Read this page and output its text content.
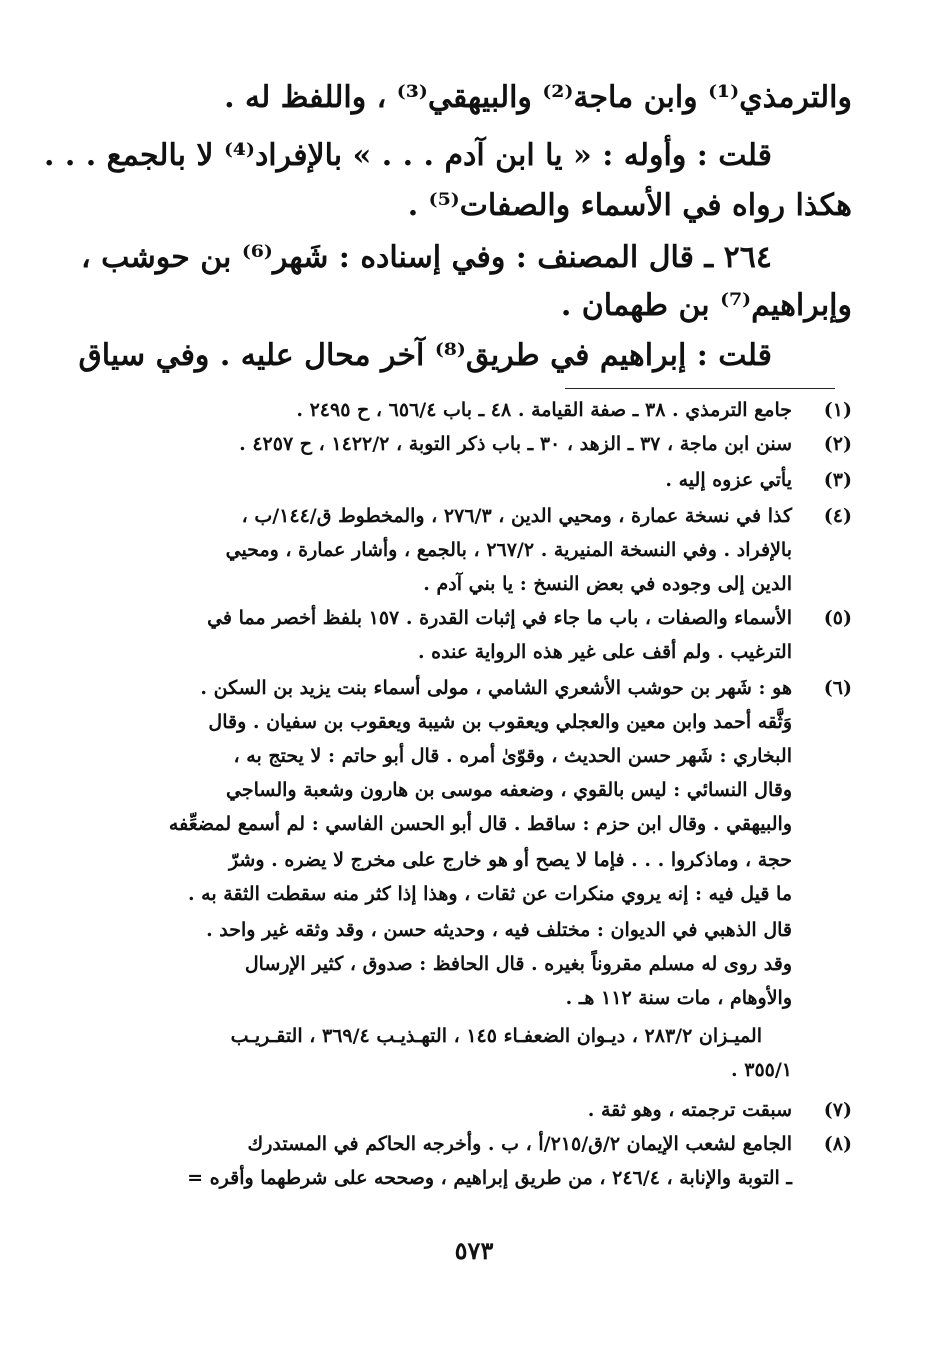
والترمذي⁽¹⁾ وابن ماجة⁽²⁾ والبيهقي⁽³⁾ ، واللفظ له .
قلت : وأوله : « يا ابن آدم . . . » بالإفراد⁽⁴⁾ لا بالجمع . . .
هكذا رواه في الأسماء والصفات⁽⁵⁾ .
٢٦٤ ـ قال المصنف : وفي إسناده : شَهر⁽⁶⁾ بن حوشب ،
وإبراهيم⁽⁷⁾ بن طهمان .
قلت : إبراهيم في طريق⁽⁸⁾ آخر محال عليه . وفي سياق
(١)
جامع الترمذي . ٣٨ ـ صفة القيامة . ٤٨ ـ باب ٦٥٦/٤ ، ح ٢٤٩٥ .
(٢)
سنن ابن ماجة ، ٣٧ ـ الزهد ، ٣٠ ـ باب ذكر التوبة ، ١٤٢٢/٢ ، ح ٤٢٥٧ .
(٣)
يأتي عزوه إليه .
(٤)
كذا في نسخة عمارة ، ومحيي الدين ، ٢٧٦/٣ ، والمخطوط ق/١٤٤/ب ،
بالإفراد . وفي النسخة المنيرية . ٢٦٧/٢ ، بالجمع ، وأشار عمارة ، ومحيي
الدين إلى وجوده في بعض النسخ : يا بني آدم .
(٥)
الأسماء والصفات ، باب ما جاء في إثبات القدرة . ١٥٧ بلفظ أخصر مما في
الترغيب . ولم أقف على غير هذه الرواية عنده .
(٦)
هو : شَهر بن حوشب الأشعري الشامي ، مولى أسماء بنت يزيد بن السكن .
وَثَّقه أحمد وابن معين والعجلي ويعقوب بن شيبة ويعقوب بن سفيان . وقال
البخاري : شَهر حسن الحديث ، وقوّىٰ أمره . قال أبو حاتم : لا يحتج به ،
وقال النسائي : ليس بالقوي ، وضعفه موسى بن هارون وشعبة والساجي
والبيهقي . وقال ابن حزم : ساقط . قال أبو الحسن الفاسي : لم أسمع لمضعِّفه
حجة ، وماذكروا . . . فإما لا يصح أو هو خارج على مخرج لا يضره . وشرّ
ما قيل فيه : إنه يروي منكرات عن ثقات ، وهذا إذا كثر منه سقطت الثقة به .
قال الذهبي في الديوان : مختلف فيه ، وحديثه حسن ، وقد وثقه غير واحد .
وقد روى له مسلم مقروناً بغيره . قال الحافظ : صدوق ، كثير الإرسال
والأوهام ، مات سنة ١١٢ هـ .
الميـزان ٢٨٣/٢ ، ديـوان الضعفـاء ١٤٥ ، التهـذيـب ٣٦٩/٤ ، التقـريـب
٣٥٥/١ .
(٧)
سبقت ترجمته ، وهو ثقة .
(٨)
الجامع لشعب الإيمان ٢/ق/٢١٥/أ ، ب . وأخرجه الحاكم في المستدرك
ـ التوبة والإنابة ، ٢٤٦/٤ ، من طريق إبراهيم ، وصححه على شرطهما وأقره =
٥٧٣
